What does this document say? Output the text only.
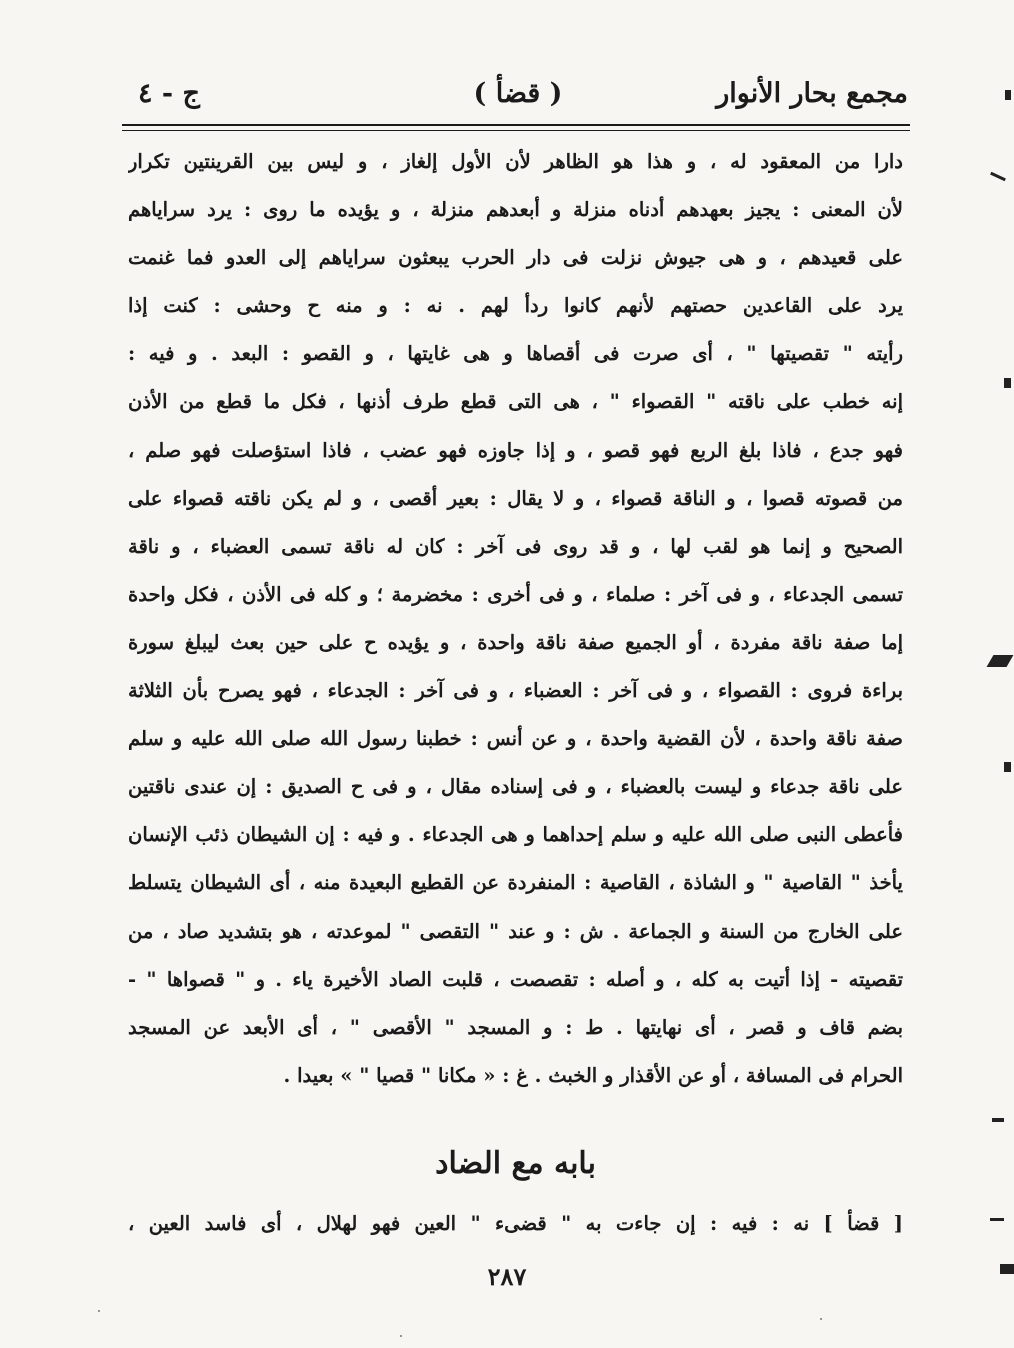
مجمع بحار الأنوار
( قضأ )
ج - ٤
دارا من المعقود له ، و هذا هو الظاهر لأن الأول إلغاز ، و ليس بين القرينتين تكرار
لأن المعنى : يجيز بعهدهم أدناه منزلة و أبعدهم منزلة ، و يؤيده ما روى : يرد سراياهم
على قعيدهم ، و هى جيوش نزلت فى دار الحرب يبعثون سراياهم إلى العدو فما غنمت
يرد على القاعدين حصتهم لأنهم كانوا ردأ لهم . نه : و منه ح وحشى : كنت إذا
رأيته " تقصيتها " ، أى صرت فى أقصاها و هى غايتها ، و القصو : البعد . و فيه :
إنه خطب على ناقته " القصواء " ، هى التى قطع طرف أذنها ، فكل ما قطع من الأذن
فهو جدع ، فاذا بلغ الربع فهو قصو ، و إذا جاوزه فهو عضب ، فاذا استؤصلت فهو صلم ،
من قصوته قصوا ، و الناقة قصواء ، و لا يقال : بعير أقصى ، و لم يكن ناقته قصواء على
الصحيح و إنما هو لقب لها ، و قد روى فى آخر : كان له ناقة تسمى العضباء ، و ناقة
تسمى الجدعاء ، و فى آخر : صلماء ، و فى أخرى : مخضرمة ؛ و كله فى الأذن ، فكل واحدة
إما صفة ناقة مفردة ، أو الجميع صفة ناقة واحدة ، و يؤيده ح على حين بعث ليبلغ سورة
براءة فروى : القصواء ، و فى آخر : العضباء ، و فى آخر : الجدعاء ، فهو يصرح بأن الثلاثة
صفة ناقة واحدة ، لأن القضية واحدة ، و عن أنس : خطبنا رسول الله صلى الله عليه و سلم
على ناقة جدعاء و ليست بالعضباء ، و فى إسناده مقال ، و فى ح الصديق : إن عندى ناقتين
فأعطى النبى صلى الله عليه و سلم إحداهما و هى الجدعاء . و فيه : إن الشيطان ذئب الإنسان
يأخذ " القاصية " و الشاذة ، القاصية : المنفردة عن القطيع البعيدة منه ، أى الشيطان يتسلط
على الخارج من السنة و الجماعة . ش : و عند " التقصى " لموعدته ، هو بتشديد صاد ، من
تقصيته - إذا أتيت به كله ، و أصله : تقصصت ، قلبت الصاد الأخيرة ياء . و " قصواها " -
بضم قاف و قصر ، أى نهايتها . ط : و المسجد " الأقصى " ، أى الأبعد عن المسجد
الحرام فى المسافة ، أو عن الأقذار و الخبث . غ : « مكانا " قصيا " » بعيدا .
بابه مع الضاد
[ قضأ ] نه : فيه : إن جاءت به " قضىء " العين فهو لهلال ، أى فاسد العين ،
٢٨٧
